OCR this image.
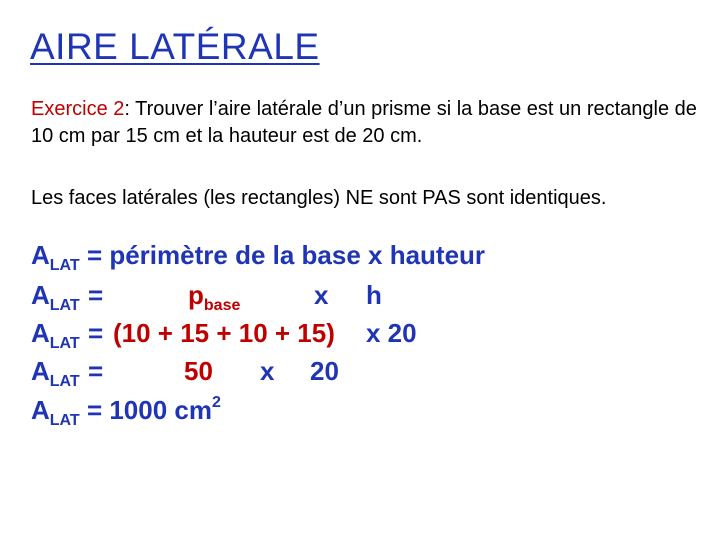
AIRE LATÉRALE
Exercice 2: Trouver l’aire latérale d’un prisme si la base est un rectangle de 10 cm par 15 cm et la hauteur est de 20 cm.
Les faces latérales (les rectangles) NE sont PAS sont identiques.
$A_{LAT}$ = périmètre de la base x hauteur
$A_{LAT}$ =	$p_{base}$	x h
$A_{LAT} = (10 + 15 + 10 + 15)$ x 20
$A_{LAT}$ =	50 x 20
$A_{LAT} = 1000$ $cm^2$
